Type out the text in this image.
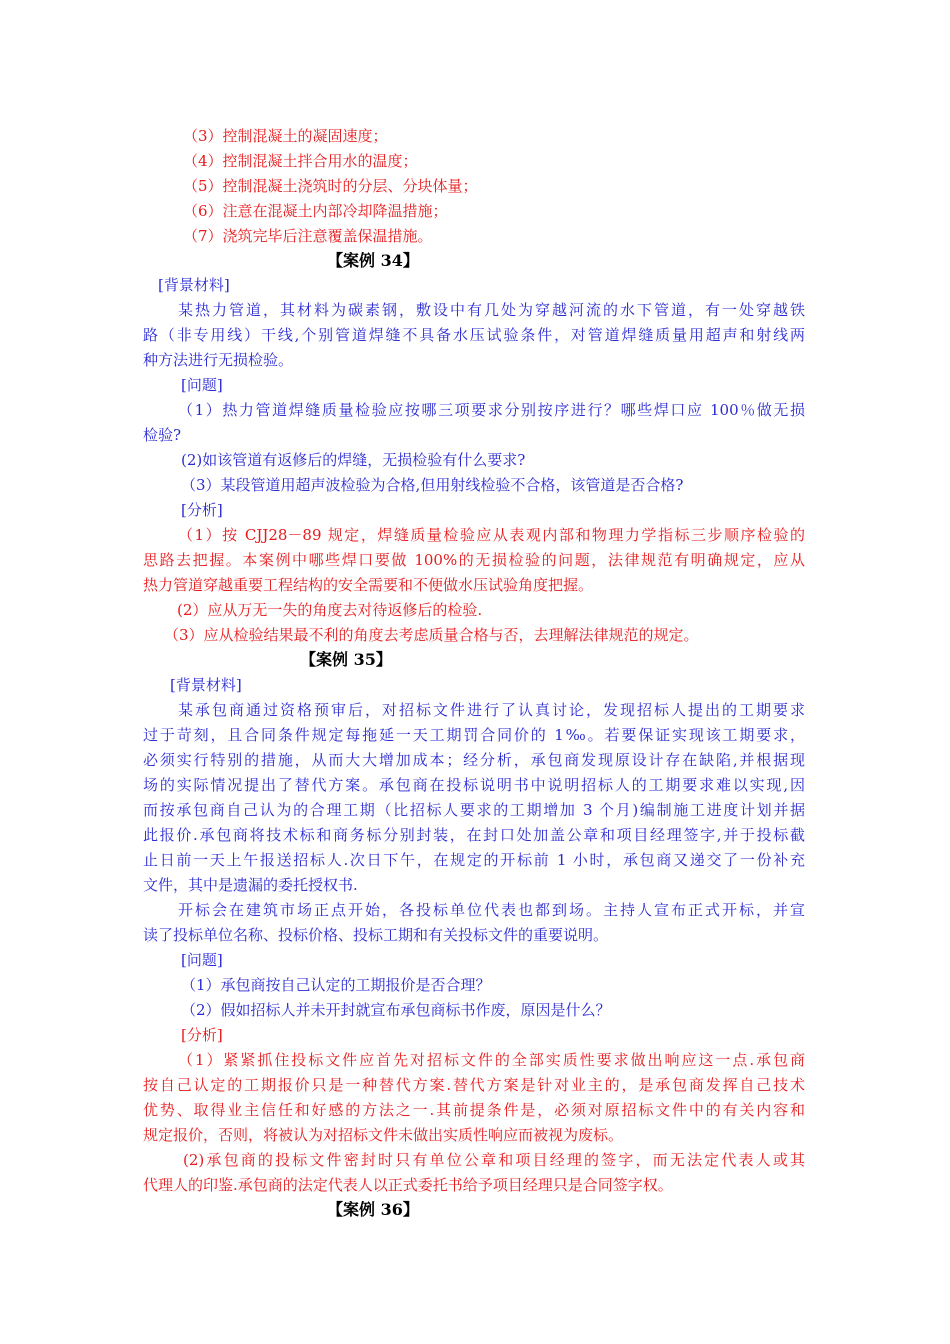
（3）控制混凝土的凝固速度；
（4）控制混凝土拌合用水的温度；
（5）控制混凝土浇筑时的分层、分块体量；
（6）注意在混凝土内部冷却降温措施；
（7）浇筑完毕后注意覆盖保温措施。
【案例 34】
[背景材料]
某热力管道，其材料为碳素钢，敷设中有几处为穿越河流的水下管道，有一处穿越铁
路（非专用线）干线,个别管道焊缝不具备水压试验条件，对管道焊缝质量用超声和射线两
种方法进行无损检验。
[问题]
（1）热力管道焊缝质量检验应按哪三项要求分别按序进行？哪些焊口应 100％做无损
检验?
(2)如该管道有返修后的焊缝，无损检验有什么要求?
（3）某段管道用超声波检验为合格,但用射线检验不合格，该管道是否合格?
[分析]
（1）按 CJJ28－89 规定，焊缝质量检验应从表观内部和物理力学指标三步顺序检验的
思路去把握。本案例中哪些焊口要做 100%的无损检验的问题，法律规范有明确规定，应从
热力管道穿越重要工程结构的安全需要和不便做水压试验角度把握。
(2）应从万无一失的角度去对待返修后的检验.
（3）应从检验结果最不利的角度去考虑质量合格与否，去理解法律规范的规定。
【案例 35】
[背景材料]
某承包商通过资格预审后，对招标文件进行了认真讨论，发现招标人提出的工期要求
过于苛刻，且合同条件规定每拖延一天工期罚合同价的 1‰。若要保证实现该工期要求，
必须实行特别的措施，从而大大增加成本；经分析，承包商发现原设计存在缺陷,并根据现
场的实际情况提出了替代方案。承包商在投标说明书中说明招标人的工期要求难以实现,因
而按承包商自己认为的合理工期（比招标人要求的工期增加 3 个月)编制施工进度计划并据
此报价.承包商将技术标和商务标分别封装，在封口处加盖公章和项目经理签字,并于投标截
止日前一天上午报送招标人.次日下午，在规定的开标前 1 小时，承包商又递交了一份补充
文件，其中是遗漏的委托授权书.
开标会在建筑市场正点开始，各投标单位代表也都到场。主持人宣布正式开标，并宣
读了投标单位名称、投标价格、投标工期和有关投标文件的重要说明。
[问题]
（1）承包商按自己认定的工期报价是否合理？
（2）假如招标人并未开封就宣布承包商标书作废，原因是什么？
[分析]
（1）紧紧抓住投标文件应首先对招标文件的全部实质性要求做出响应这一点.承包商
按自己认定的工期报价只是一种替代方案.替代方案是针对业主的，是承包商发挥自己技术
优势、取得业主信任和好感的方法之一.其前提条件是，必须对原招标文件中的有关内容和
规定报价，否则，将被认为对招标文件未做出实质性响应而被视为废标。
(2)承包商的投标文件密封时只有单位公章和项目经理的签字，而无法定代表人或其
代理人的印鉴.承包商的法定代表人以正式委托书给予项目经理只是合同签字权。
【案例 36】
